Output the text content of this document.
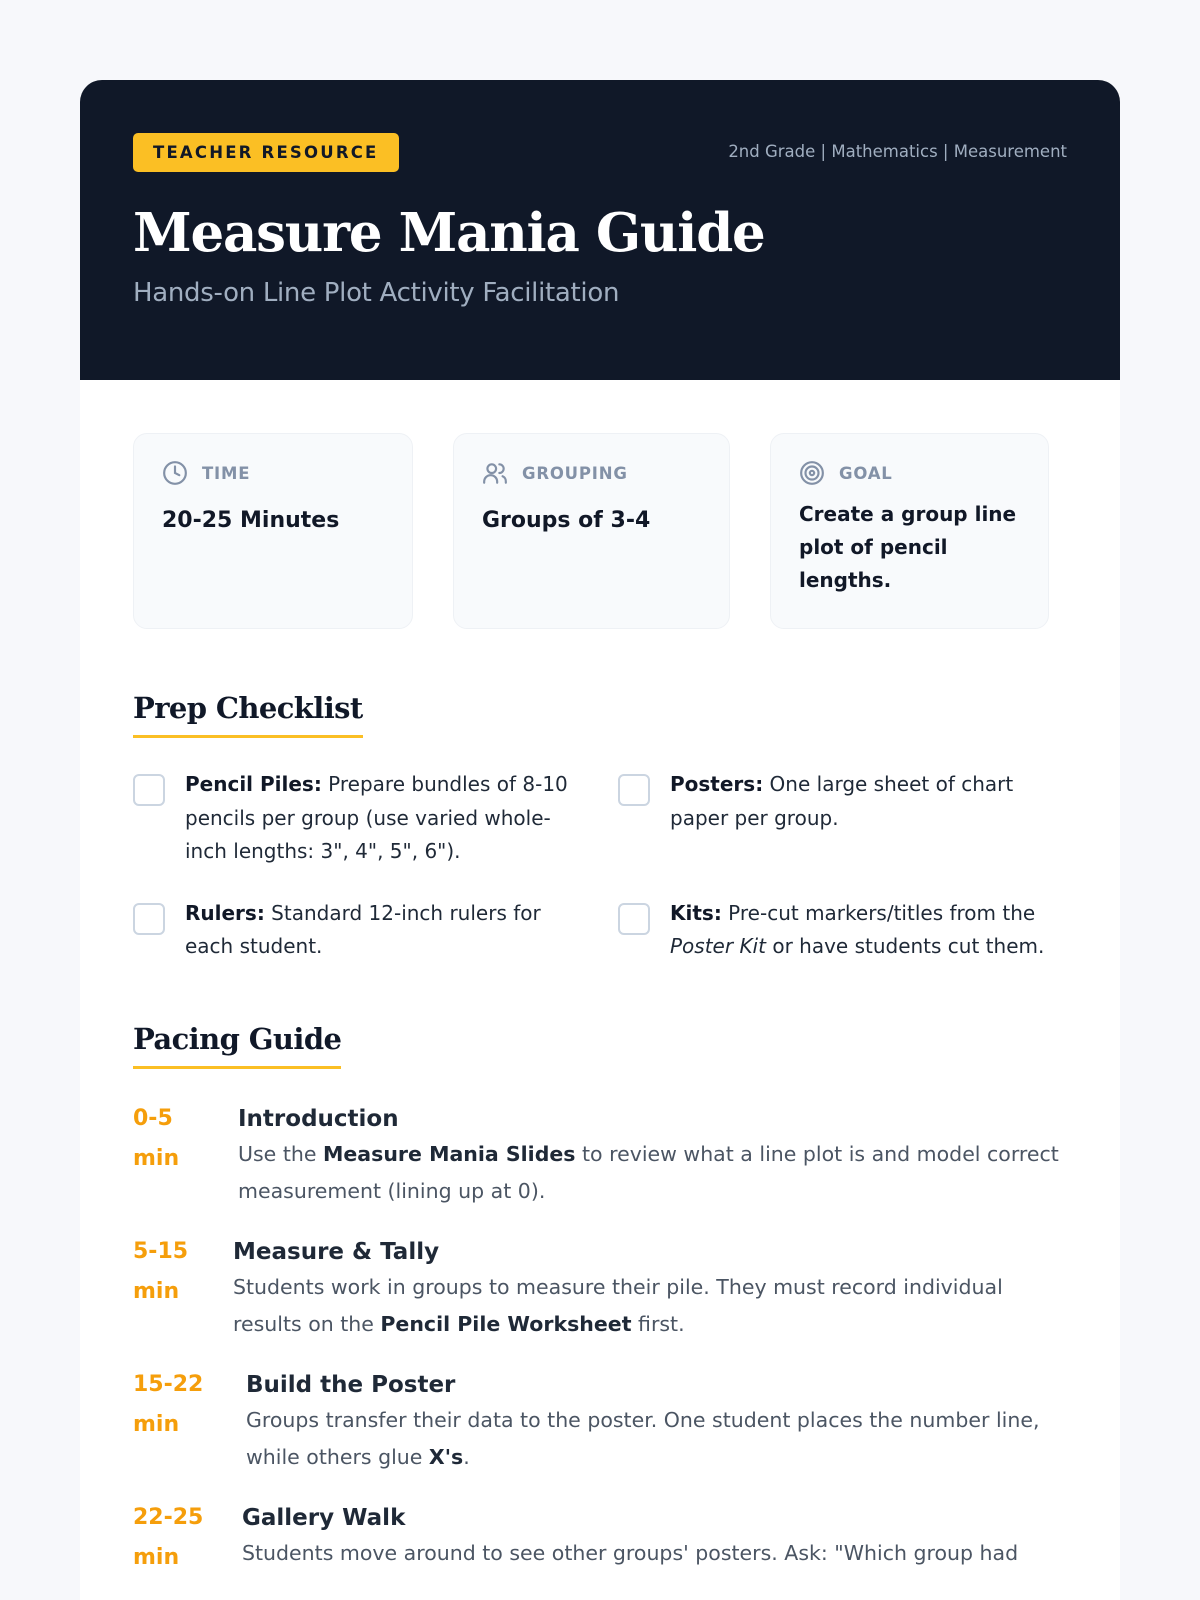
TEACHER RESOURCE	2nd Grade | Mathematics | Measurement
Measure Mania Guide
Hands-on Line Plot Activity Facilitation
TIME
20-25 Minutes
GROUPING
Groups of 3-4
GOAL
Create a group line plot of pencil lengths.
Prep Checklist
Pencil Piles: Prepare bundles of 8-10 pencils per group (use varied whole-inch lengths: 3", 4", 5", 6").
Posters: One large sheet of chart paper per group.
Rulers: Standard 12-inch rulers for each student.
Kits: Pre-cut markers/titles from the Poster Kit or have students cut them.
Pacing Guide
0-5
min
Introduction
Use the Measure Mania Slides to review what a line plot is and model correct measurement (lining up at 0).
5-15
min
Measure & Tally
Students work in groups to measure their pile. They must record individual results on the Pencil Pile Worksheet first.
15-22
min
Build the Poster
Groups transfer their data to the poster. One student places the number line, while others glue X's.
22-25
min
Gallery Walk
Students move around to see other groups' posters. Ask: "Which group had
